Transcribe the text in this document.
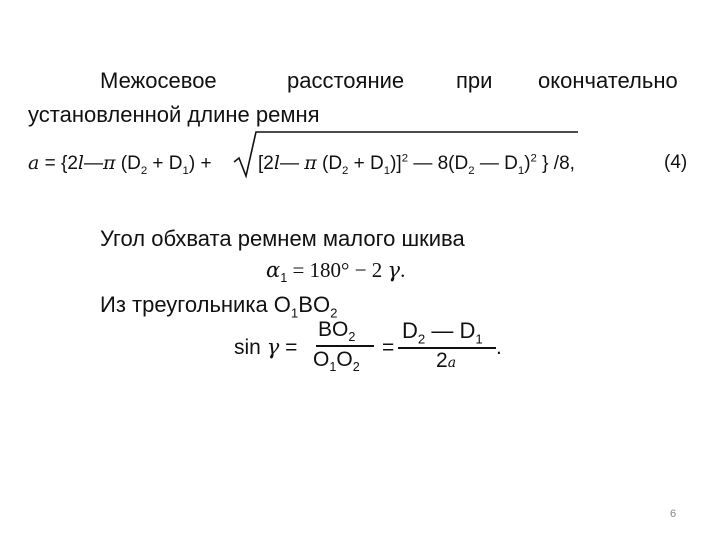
Межосевое	расстояние при окончательно
установленной длине ремня
a = {2l—π $(D_2 + D_1)$ + [2l— π $(D_2 + D_1)]^2$ — $8(D_2$ — $D_1)^2$ } /8,	(4)
Угол обхвата ремнем малого шкива
$\alpha_1 = 180^\circ - 2$ γ.
Из треугольника $O_1BO_2$
sin γ =
$BO_2$
$O_1O_2$
=
$D_2$ — $D_1$
2a
.
6
